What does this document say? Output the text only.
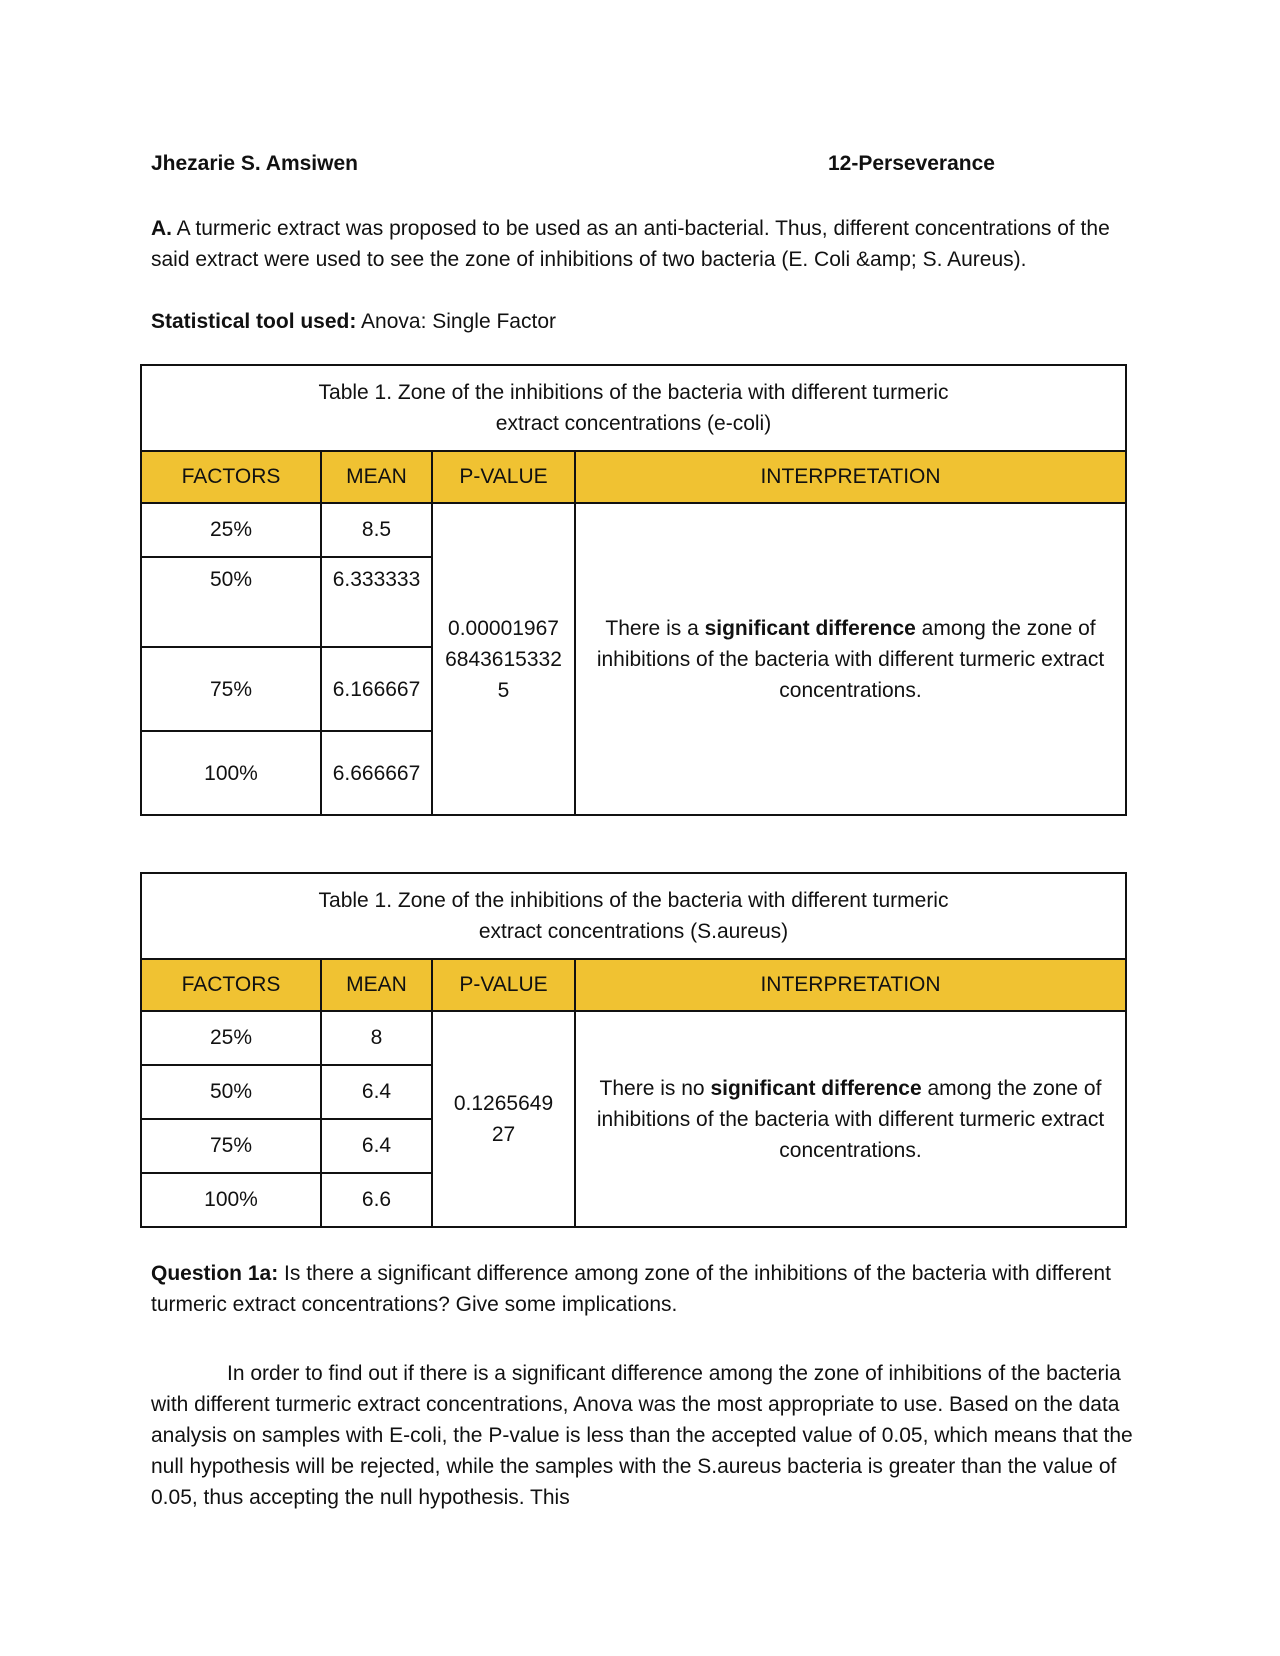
Jhezarie S. Amsiwen	12-Perseverance
A. A turmeric extract was proposed to be used as an anti-bacterial. Thus, different concentrations of the said extract were used to see the zone of inhibitions of two bacteria (E. Coli &amp; S. Aureus).
Statistical tool used: Anova: Single Factor
Table 1. Zone of the inhibitions of the bacteria with different turmeric
extract concentrations (e-coli)			

FACTORS	MEAN	P-VALUE	INTERPRETATION
25%	8.5	0.0000196768436153325	There is a significant difference among the zone of inhibitions of the bacteria with different turmeric extract concentrations.
50%	6.333333		

75%	6.166667		

100%	6.666667		
Table 1. Zone of the inhibitions of the bacteria with different turmeric
extract concentrations (S.aureus)			

FACTORS	MEAN	P-VALUE	INTERPRETATION
25%	8	0.126564927	There is no significant difference among the zone of inhibitions of the bacteria with different turmeric extract concentrations.
50%	6.4		
75%	6.4		
100%	6.6		
Question 1a: Is there a significant difference among zone of the inhibitions of the bacteria with different turmeric extract concentrations? Give some implications.
In order to find out if there is a significant difference among the zone of inhibitions of the bacteria with different turmeric extract concentrations, Anova was the most appropriate to use. Based on the data analysis on samples with E-coli, the P-value is less than the accepted value of 0.05, which means that the null hypothesis will be rejected, while the samples with the S.aureus bacteria is greater than the value of 0.05, thus accepting the null hypothesis. This
